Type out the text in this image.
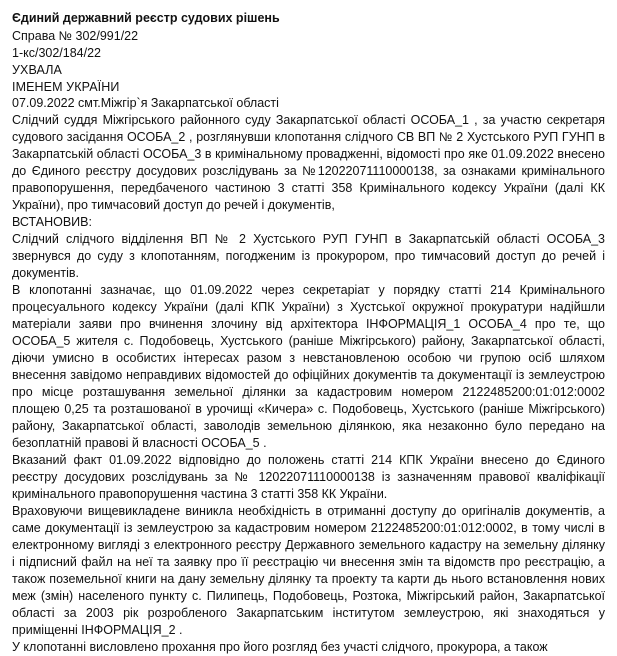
Єдиний державний реєстр судових рішень
Справа № 302/991/22
1-кс/302/184/22
УХВАЛА
ІМЕНЕМ УКРАЇНИ
07.09.2022 смт.Міжгір`я Закарпатської області

Слідчий суддя Міжгірського районного суду Закарпатської області ОСОБА_1 , за участю секретаря судового засідання ОСОБА_2 , розглянувши клопотання слідчого СВ ВП № 2 Хустського РУП ГУНП в Закарпатській області ОСОБА_3 в кримінальному провадженні, відомості про яке 01.09.2022 внесено до Єдиного реєстру досудових розслідувань за №12022071110000138, за ознаками кримінального правопорушення, передбаченого частиною 3 статті 358 Кримінального кодексу України (далі КК України), про тимчасовий доступ до речей і документів,

ВСТАНОВИВ:

Слідчий слідчого відділення ВП № 2 Хустського РУП ГУНП в Закарпатській області ОСОБА_3 звернувся до суду з клопотанням, погодженим із прокурором, про тимчасовий доступ до речей і документів.

В клопотанні зазначає, що 01.09.2022 через секретаріат у порядку статті 214 Кримінального процесуального кодексу України (далі КПК України) з Хустської окружної прокуратури надійшли матеріали заяви про вчинення злочину від архітектора ІНФОРМАЦІЯ_1 ОСОБА_4 про те, що ОСОБА_5 жителя с. Подобовець, Хустського (раніше Міжгірського) району, Закарпатської області, діючи умисно в особистих інтересах разом з невстановленою особою чи групою осіб шляхом внесення завідомо неправдивих відомостей до офіційних документів та документації із землеустрою про місце розташування земельної ділянки за кадастровим номером 2122485200:01:012:0002 площею 0,25 та розташованої в урочищі «Кичера» с. Подобовець, Хустського (раніше Міжгірського) району, Закарпатської області, заволодів земельною ділянкою, яка незаконно було передано на безоплатній правові й власності ОСОБА_5 .

Вказаний факт 01.09.2022 відповідно до положень статті 214 КПК України внесено до Єдиного реєстру досудових розслідувань за № 12022071110000138 із зазначенням правової кваліфікації кримінального правопорушення частина 3 статті 358 КК України.

Враховуючи вищевикладене виникла необхідність в отриманні доступу до оригіналів документів, а саме документації із землеустрою за кадастровим номером 2122485200:01:012:0002, в тому числі в електронному вигляді з електронного реєстру Державного земельного кадастру на земельну ділянку і підписний файл на неї та заявку про її реєстрацію чи внесення змін та відомств про реєстрацію, а також поземельної книги на дану земельну ділянку та проекту та карти дь нього встановлення нових меж (змін) населеного пункту с. Пилипець, Подобовець, Розтока, Міжгірський район, Закарпатської області за 2003 рік розробленого Закарпатським інститутом землеустрою, які знаходяться у приміщенні ІНФОРМАЦІЯ_2 .

У клопотанні висловлено прохання про його розгляд без участі слідчого, прокурора, а також
